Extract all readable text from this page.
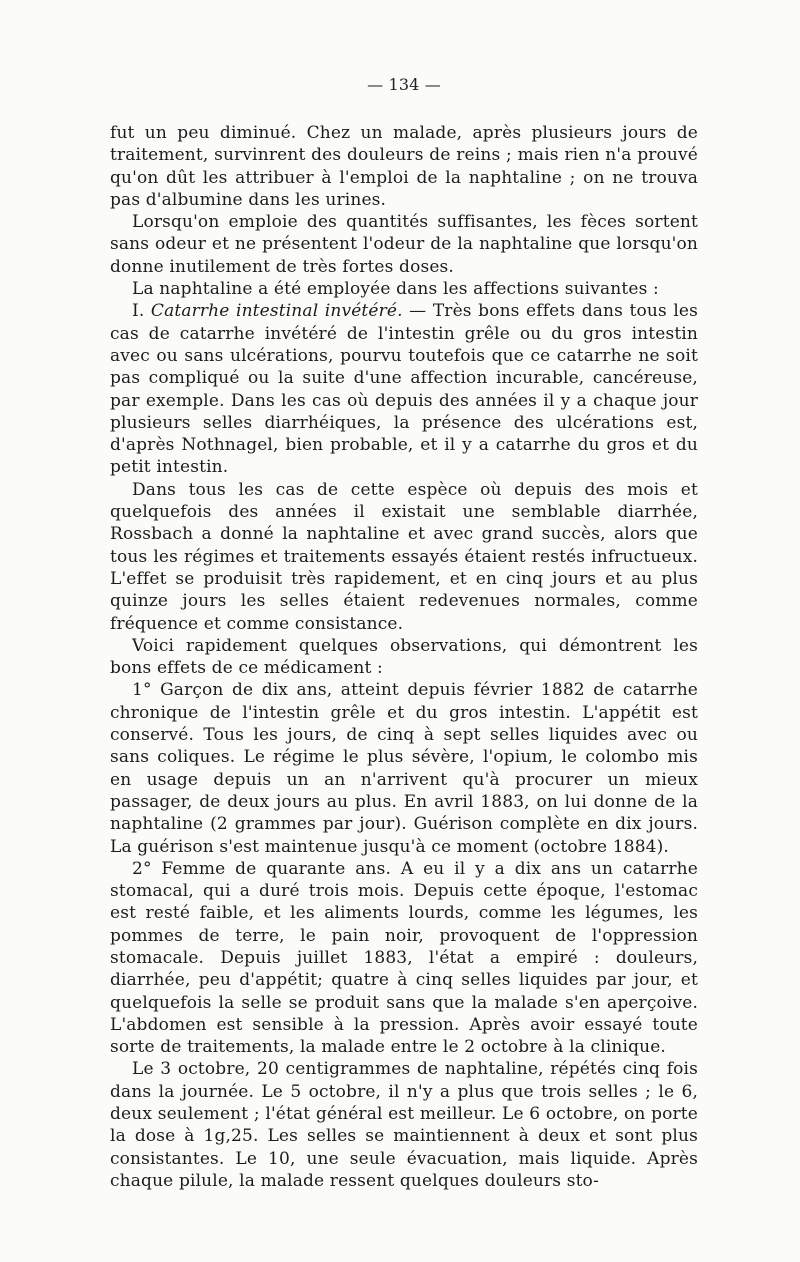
— 134 —

fut un peu diminué. Chez un malade, après plusieurs jours de traitement, survinrent des douleurs de reins ; mais rien n'a prouvé qu'on dût les attribuer à l'emploi de la naphtaline ; on ne trouva pas d'albumine dans les urines.

Lorsqu'on emploie des quantités suffisantes, les fèces sortent sans odeur et ne présentent l'odeur de la naphtaline que lorsqu'on donne inutilement de très fortes doses.

La naphtaline a été employée dans les affections suivantes :

I. Catarrhe intestinal invétéré. — Très bons effets dans tous les cas de catarrhe invétéré de l'intestin grêle ou du gros intestin avec ou sans ulcérations, pourvu toutefois que ce catarrhe ne soit pas compliqué ou la suite d'une affection incurable, cancéreuse, par exemple. Dans les cas où depuis des années il y a chaque jour plusieurs selles diarrhéiques, la présence des ulcérations est, d'après Nothnagel, bien probable, et il y a catarrhe du gros et du petit intestin.

Dans tous les cas de cette espèce où depuis des mois et quelquefois des années il existait une semblable diarrhée, Rossbach a donné la naphtaline et avec grand succès, alors que tous les régimes et traitements essayés étaient restés infructueux. L'effet se produisit très rapidement, et en cinq jours et au plus quinze jours les selles étaient redevenues normales, comme fréquence et comme consistance.

Voici rapidement quelques observations, qui démontrent les bons effets de ce médicament :

1° Garçon de dix ans, atteint depuis février 1882 de catarrhe chronique de l'intestin grêle et du gros intestin. L'appétit est conservé. Tous les jours, de cinq à sept selles liquides avec ou sans coliques. Le régime le plus sévère, l'opium, le colombo mis en usage depuis un an n'arrivent qu'à procurer un mieux passager, de deux jours au plus. En avril 1883, on lui donne de la naphtaline (2 grammes par jour). Guérison complète en dix jours. La guérison s'est maintenue jusqu'à ce moment (octobre 1884).

2° Femme de quarante ans. A eu il y a dix ans un catarrhe stomacal, qui a duré trois mois. Depuis cette époque, l'estomac est resté faible, et les aliments lourds, comme les légumes, les pommes de terre, le pain noir, provoquent de l'oppression stomacale. Depuis juillet 1883, l'état a empiré : douleurs, diarrhée, peu d'appétit; quatre à cinq selles liquides par jour, et quelquefois la selle se produit sans que la malade s'en aperçoive. L'abdomen est sensible à la pression. Après avoir essayé toute sorte de traitements, la malade entre le 2 octobre à la clinique.

Le 3 octobre, 20 centigrammes de naphtaline, répétés cinq fois dans la journée. Le 5 octobre, il n'y a plus que trois selles ; le 6, deux seulement ; l'état général est meilleur. Le 6 octobre, on porte la dose à 1g,25. Les selles se maintiennent à deux et sont plus consistantes. Le 10, une seule évacuation, mais liquide. Après chaque pilule, la malade ressent quelques douleurs sto-
